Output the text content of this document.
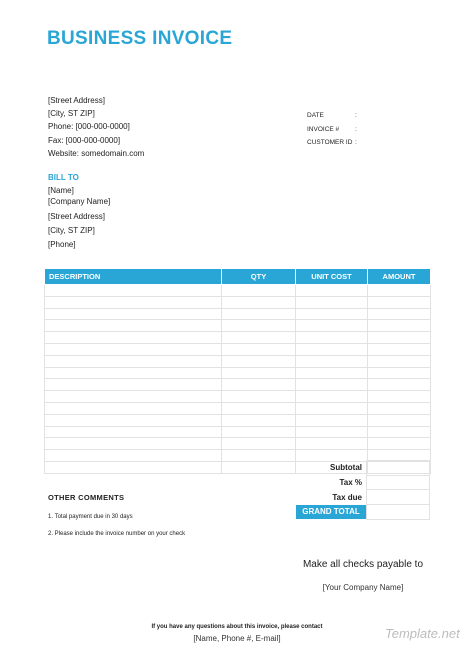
BUSINESS INVOICE
[Street Address]
[City, ST ZIP]
Phone: [000-000-0000]
Fax: [000-000-0000]
Website: somedomain.com
DATE	:
INVOICE #	:
CUSTOMER ID :
BILL TO
[Name]
[Company Name]
[Street Address]
[City, ST ZIP]
[Phone]
DESCRIPTION	QTY	UNIT COST	AMOUNT

Subtotal	
Tax %	
Tax due	
GRAND TOTAL	
OTHER COMMENTS
1. Total payment due in 30 days
2. Please include the invoice number on your check
Make all checks payable to
[Your Company Name]
If you have any questions about this invoice, please contact
[Name, Phone #, E-mail]	Template.net
